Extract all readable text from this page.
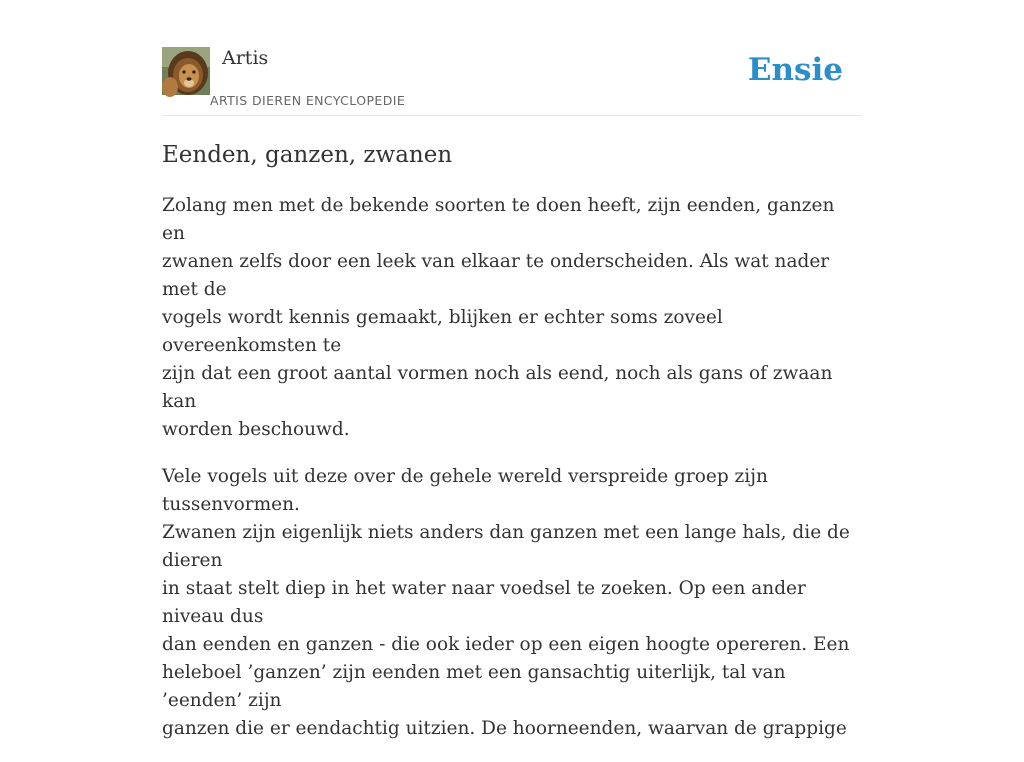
Artis
ARTIS DIEREN ENCYCLOPEDIE
Ensie
Eenden, ganzen, zwanen

Zolang men met de bekende soorten te doen heeft, zijn eenden, ganzen en
zwanen zelfs door een leek van elkaar te onderscheiden. Als wat nader met de
vogels wordt kennis gemaakt, blijken er echter soms zoveel overeenkomsten te
zijn dat een groot aantal vormen noch als eend, noch als gans of zwaan kan
worden beschouwd.

Vele vogels uit deze over de gehele wereld verspreide groep zijn tussenvormen.
Zwanen zijn eigenlijk niets anders dan ganzen met een lange hals, die de dieren
in staat stelt diep in het water naar voedsel te zoeken. Op een ander niveau dus
dan eenden en ganzen - die ook ieder op een eigen hoogte opereren. Een
heleboel ’ganzen’ zijn eenden met een gansachtig uiterlijk, tal van ’eenden’ zijn
ganzen die er eendachtig uitzien. De hoorneenden, waarvan de grappige
